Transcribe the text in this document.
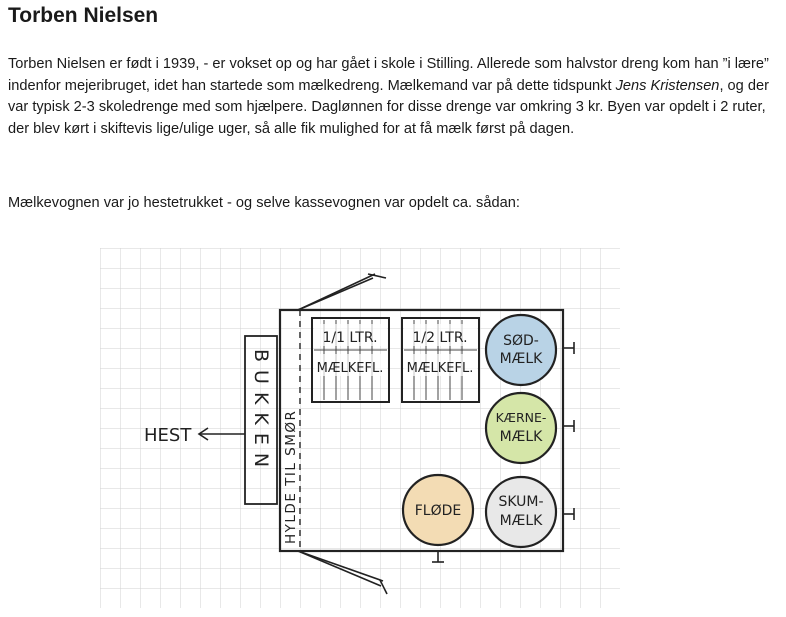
Torben Nielsen

Torben Nielsen er født i 1939, - er vokset op og har gået i skole i Stilling. Allerede som halvstor dreng kom han ”i lære” indenfor mejeribruget, idet han startede som mælkedreng. Mælkemand var på dette tidspunkt Jens Kristensen, og der var typisk 2-3 skoledrenge med som hjælpere. Daglønnen for disse drenge var omkring 3 kr. Byen var opdelt i 2 ruter, der blev kørt i skiftevis lige/ulige uger, så alle fik mulighed for at få mælk først på dagen.

Mælkevognen var jo hestetrukket - og selve kassevognen var opdelt ca. sådan:

BUKKEN HYLDE TIL SMØR
HEST
1/1 LTR.
MÆLKEFL.
1/2 LTR.
MÆLKEFL.
SØD-
MÆLK
KÆRNE-
MÆLK
FLØDE
SKUM-
MÆLK
